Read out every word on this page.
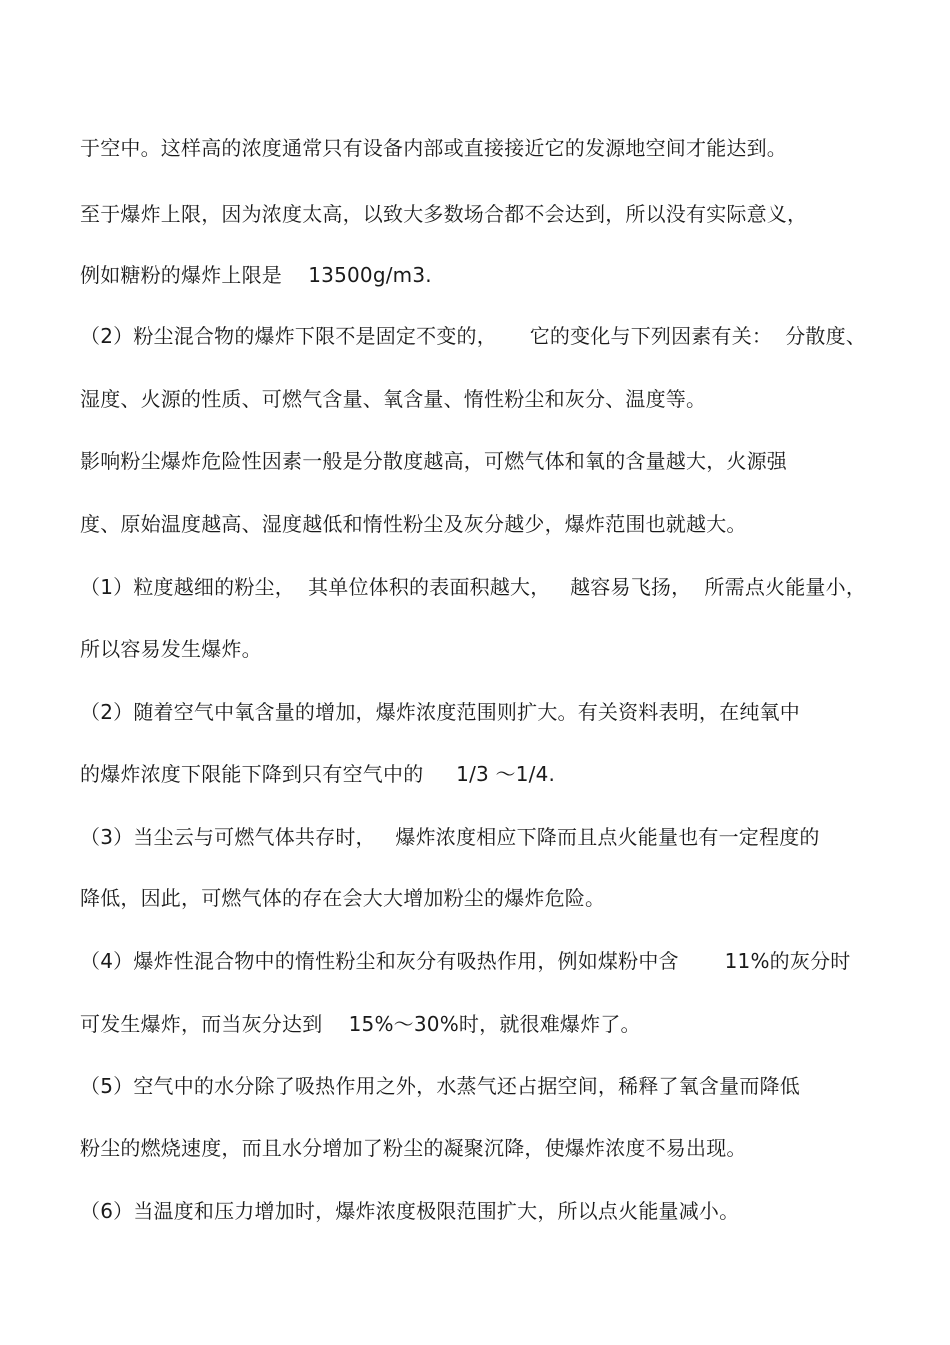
于空中。这样高的浓度通常只有设备内部或直接接近它的发源地空间才能达到。
至于爆炸上限，因为浓度太高，以致大多数场合都不会达到，所以没有实际意义，
例如糖粉的爆炸上限是    13500g/m3.
（2）粉尘混合物的爆炸下限不是固定不变的，     它的变化与下列因素有关：  分散度、
湿度、火源的性质、可燃气含量、氧含量、惰性粉尘和灰分、温度等。
影响粉尘爆炸危险性因素一般是分散度越高，可燃气体和氧的含量越大，火源强
度、原始温度越高、湿度越低和惰性粉尘及灰分越少，爆炸范围也就越大。
（1）粒度越细的粉尘，  其单位体积的表面积越大，   越容易飞扬，  所需点火能量小，
所以容易发生爆炸。
（2）随着空气中氧含量的增加，爆炸浓度范围则扩大。有关资料表明，在纯氧中
的爆炸浓度下限能下降到只有空气中的     1/3 ～1/4.
（3）当尘云与可燃气体共存时，   爆炸浓度相应下降而且点火能量也有一定程度的
降低，因此，可燃气体的存在会大大增加粉尘的爆炸危险。
（4）爆炸性混合物中的惰性粉尘和灰分有吸热作用，例如煤粉中含       11%的灰分时
可发生爆炸，而当灰分达到    15%～30%时，就很难爆炸了。
（5）空气中的水分除了吸热作用之外，水蒸气还占据空间，稀释了氧含量而降低
粉尘的燃烧速度，而且水分增加了粉尘的凝聚沉降，使爆炸浓度不易出现。
（6）当温度和压力增加时，爆炸浓度极限范围扩大，所以点火能量减小。
